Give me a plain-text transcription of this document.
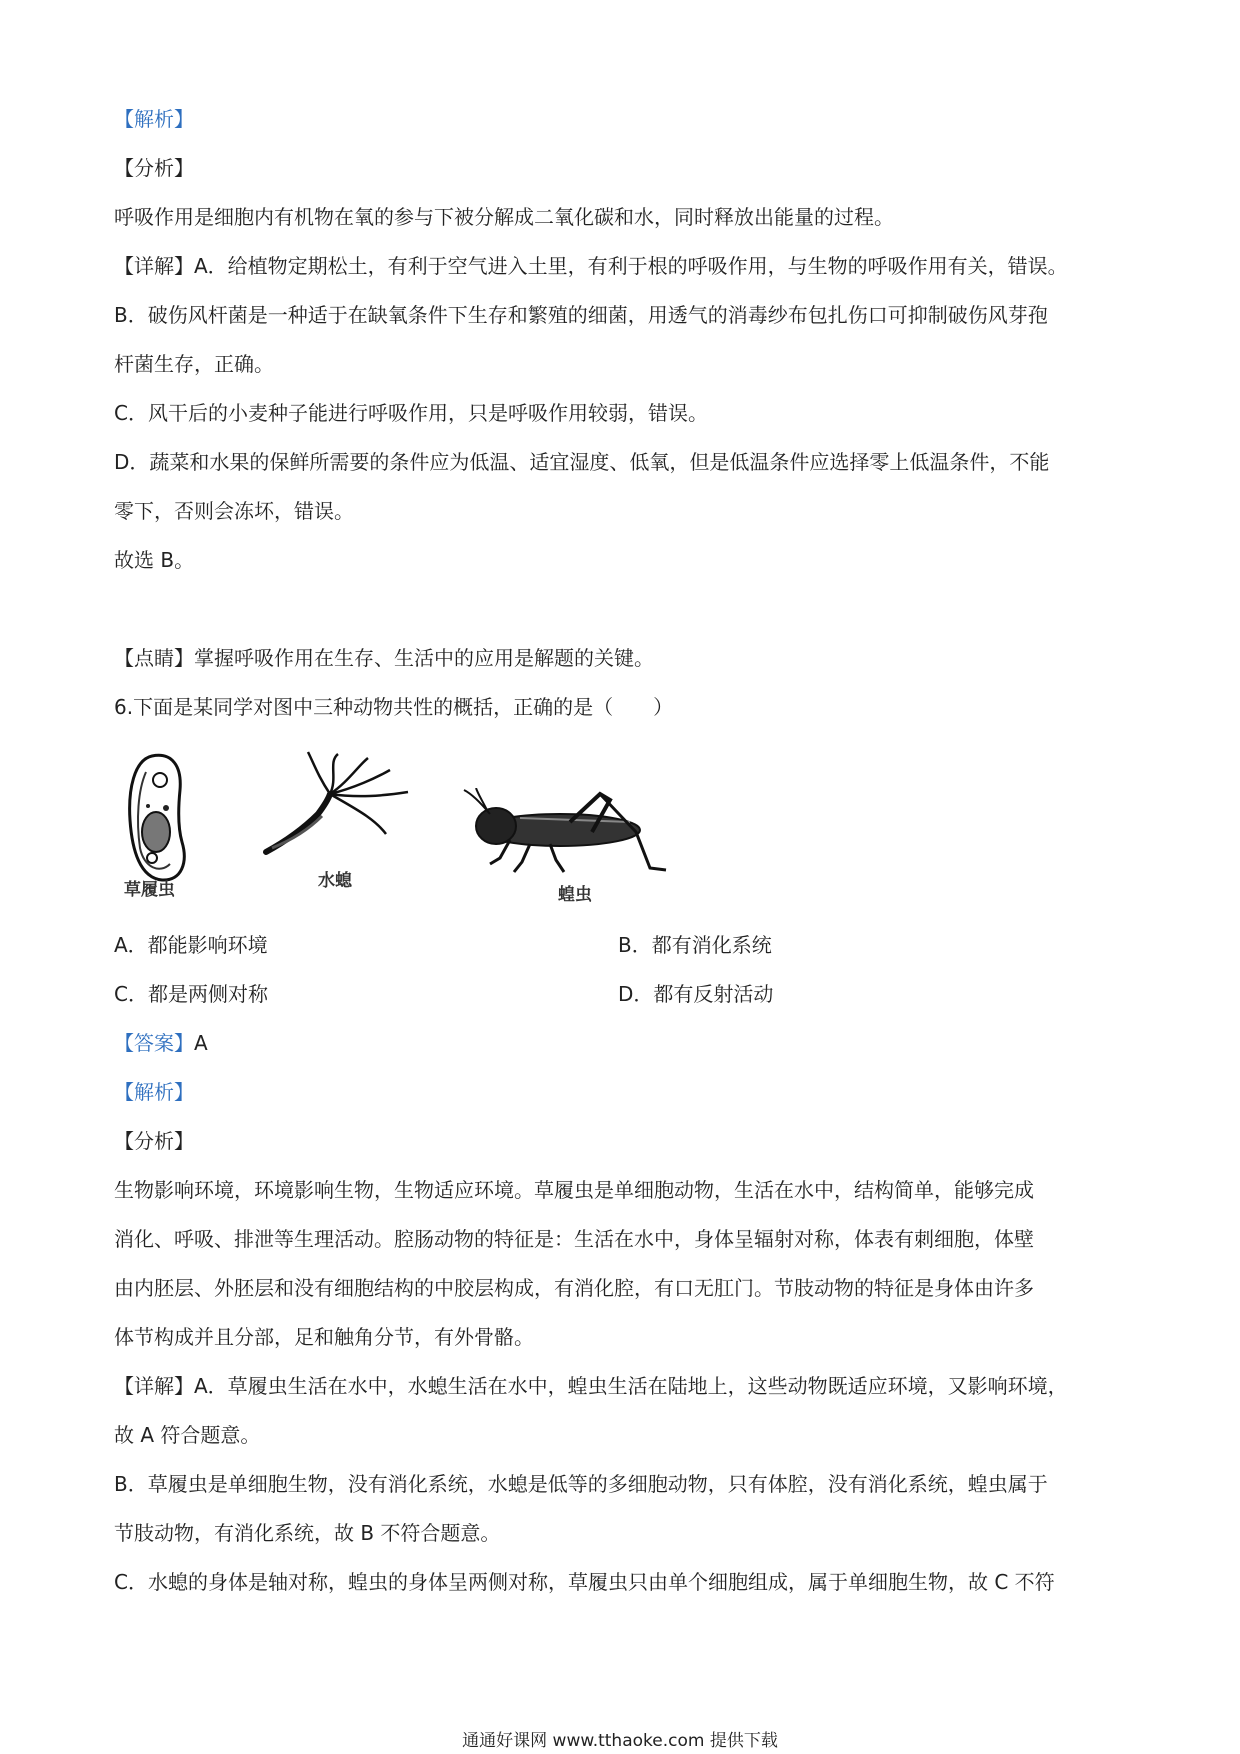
【解析】
【分析】
呼吸作用是细胞内有机物在氧的参与下被分解成二氧化碳和水，同时释放出能量的过程。
【详解】A．给植物定期松土，有利于空气进入土里，有利于根的呼吸作用，与生物的呼吸作用有关，错误。
B．破伤风杆菌是一种适于在缺氧条件下生存和繁殖的细菌，用透气的消毒纱布包扎伤口可抑制破伤风芽孢
杆菌生存，正确。
C．风干后的小麦种子能进行呼吸作用，只是呼吸作用较弱，错误。
D．蔬菜和水果的保鲜所需要的条件应为低温、适宜湿度、低氧，但是低温条件应选择零上低温条件，不能
零下，否则会冻坏，错误。
故选 B。
【点睛】掌握呼吸作用在生存、生活中的应用是解题的关键。
6.下面是某同学对图中三种动物共性的概括，正确的是（　　）
草履虫	水螅
蝗虫
A．都能影响环境	B．都有消化系统
C．都是两侧对称	D．都有反射活动
【答案】A
【解析】
【分析】
生物影响环境，环境影响生物，生物适应环境。草履虫是单细胞动物，生活在水中，结构简单，能够完成
消化、呼吸、排泄等生理活动。腔肠动物的特征是：生活在水中，身体呈辐射对称，体表有刺细胞，体壁
由内胚层、外胚层和没有细胞结构的中胶层构成，有消化腔，有口无肛门。节肢动物的特征是身体由许多
体节构成并且分部，足和触角分节，有外骨骼。
【详解】A．草履虫生活在水中，水螅生活在水中，蝗虫生活在陆地上，这些动物既适应环境，又影响环境，
故 A 符合题意。
B．草履虫是单细胞生物，没有消化系统，水螅是低等的多细胞动物，只有体腔，没有消化系统，蝗虫属于
节肢动物，有消化系统，故 B 不符合题意。
C．水螅的身体是轴对称，蝗虫的身体呈两侧对称，草履虫只由单个细胞组成，属于单细胞生物，故 C 不符
通通好课网 www.tthaoke.com 提供下载
